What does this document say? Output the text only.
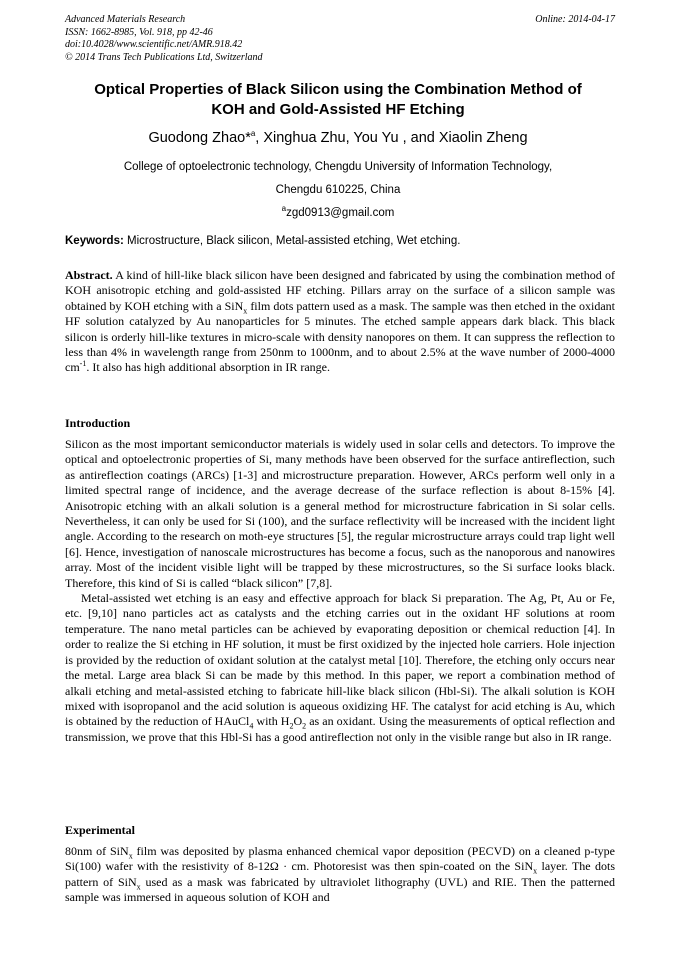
Advanced Materials Research
ISSN: 1662-8985, Vol. 918, pp 42-46
doi:10.4028/www.scientific.net/AMR.918.42
© 2014 Trans Tech Publications Ltd, Switzerland
Online: 2014-04-17
Optical Properties of Black Silicon using the Combination Method of
KOH and Gold-Assisted HF Etching
Guodong Zhao*$^a$, Xinghua Zhu, You Yu , and Xiaolin Zheng
College of optoelectronic technology, Chengdu University of Information Technology,
Chengdu 610225, China
$^a$zgd0913@gmail.com
Keywords: Microstructure, Black silicon, Metal-assisted etching, Wet etching.

Abstract. A kind of hill-like black silicon have been designed and fabricated by using the combination method of KOH anisotropic etching and gold-assisted HF etching. Pillars array on the surface of a silicon sample was obtained by KOH etching with a SiN$_x$ film dots pattern used as a mask. The sample was then etched in the oxidant HF solution catalyzed by Au nanoparticles for 5 minutes. The etched sample appears dark black. This black silicon is orderly hill-like textures in micro-scale with density nanopores on them. It can suppress the reflection to less than 4% in wavelength range from 250nm to 1000nm, and to about 2.5% at the wave number of 2000-4000 $cm^{-1}$. It also has high additional absorption in IR range.

Introduction

Silicon as the most important semiconductor materials is widely used in solar cells and detectors. To improve the optical and optoelectronic properties of Si, many methods have been observed for the surface antireflection, such as antireflection coatings (ARCs) [1-3] and microstructure preparation. However, ARCs perform well only in a limited spectral range of incidence, and the average decrease of the surface reflection is about 8-15% [4]. Anisotropic etching with an alkali solution is a general method for microstructure fabrication in Si solar cells. Nevertheless, it can only be used for Si (100), and the surface reflectivity will be increased with the incident light angle. According to the research on moth-eye structures [5], the regular microstructure arrays could trap light well [6]. Hence, investigation of nanoscale microstructures has become a focus, such as the nanoporous and nanowires array. Most of the incident visible light will be trapped by these microstructures, so the Si surface looks black. Therefore, this kind of Si is called “black silicon” [7,8].

Metal-assisted wet etching is an easy and effective approach for black Si preparation. The Ag, Pt, Au or Fe, etc. [9,10] nano particles act as catalysts and the etching carries out in the oxidant HF solutions at room temperature. The nano metal particles can be achieved by evaporating deposition or chemical reduction [4]. In order to realize the Si etching in HF solution, it must be first oxidized by the injected hole carriers. Hole injection is provided by the reduction of oxidant solution at the catalyst metal [10]. Therefore, the etching only occurs near the metal. Large area black Si can be made by this method. In this paper, we report a combination method of alkali etching and metal-assisted etching to fabricate hill-like black silicon (Hbl-Si). The alkali solution is KOH mixed with isopropanol and the acid solution is aqueous oxidizing HF. The catalyst for acid etching is Au, which is obtained by the reduction of HAuCl$_4$ with $H_2O_2$ as an oxidant. Using the measurements of optical reflection and transmission, we prove that this Hbl-Si has a good antireflection not only in the visible range but also in IR range.

Experimental

80nm of SiN$_x$ film was deposited by plasma enhanced chemical vapor deposition (PECVD) on a cleaned p-type Si(100) wafer with the resistivity of 8-12Ω · cm. Photoresist was then spin-coated on the SiN$_x$ layer. The dots pattern of SiN$_x$ used as a mask was fabricated by ultraviolet lithography (UVL) and RIE. Then the patterned sample was immersed in aqueous solution of KOH and
